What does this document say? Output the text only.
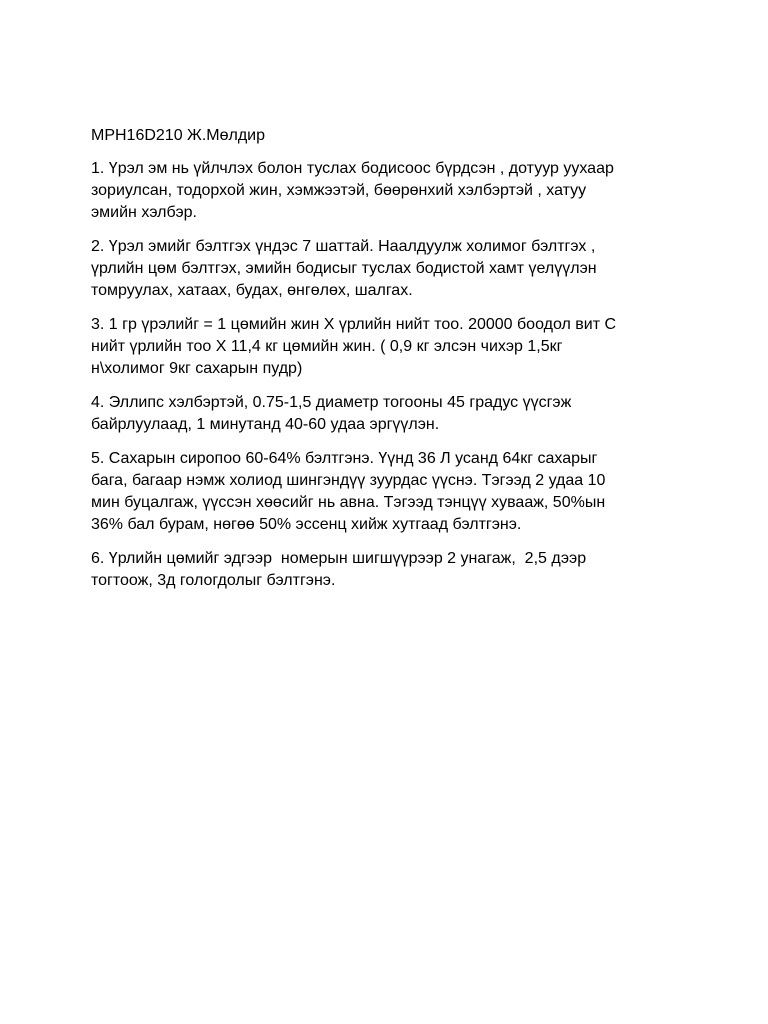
MPH16D210 Ж.Мөлдир
1. Үрэл эм нь үйлчлэх болон туслах бодисоос бүрдсэн , дотуур уухаар
зориулсан, тодорхой жин, хэмжээтэй, бөөрөнхий хэлбэртэй , хатуу
эмийн хэлбэр.
2. Үрэл эмийг бэлтгэх үндэс 7 шаттай. Наалдуулж холимог бэлтгэх ,
үрлийн цөм бэлтгэх, эмийн бодисыг туслах бодистой хамт үелүүлэн
томруулах, хатаах, будах, өнгөлөх, шалгах.
3. 1 гр үрэлийг = 1 цөмийн жин X үрлийн нийт тоо. 20000 боодол вит С
нийт үрлийн тоо X 11,4 кг цөмийн жин. ( 0,9 кг элсэн чихэр 1,5кг
н\холимог 9кг сахарын пудр)
4. Эллипс хэлбэртэй, 0.75-1,5 диаметр тогооны 45 градус үүсгэж
байрлуулаад, 1 минутанд 40-60 удаа эргүүлэн.
5. Сахарын сиропоо 60-64% бэлтгэнэ. Үүнд 36 Л усанд 64кг сахарыг
бага, багаар нэмж холиод шингэндүү зуурдас үүснэ. Тэгээд 2 удаа 10
мин буцалгаж, үүссэн хөөсийг нь авна. Тэгээд тэнцүү хувааж, 50%ын
36% бал бурам, нөгөө 50% эссенц хийж хутгаад бэлтгэнэ.
6. Үрлийн цөмийг эдгээр  номерын шигшүүрээр 2 унагаж,  2,5 дээр
тогтоож, 3д гологдолыг бэлтгэнэ.
